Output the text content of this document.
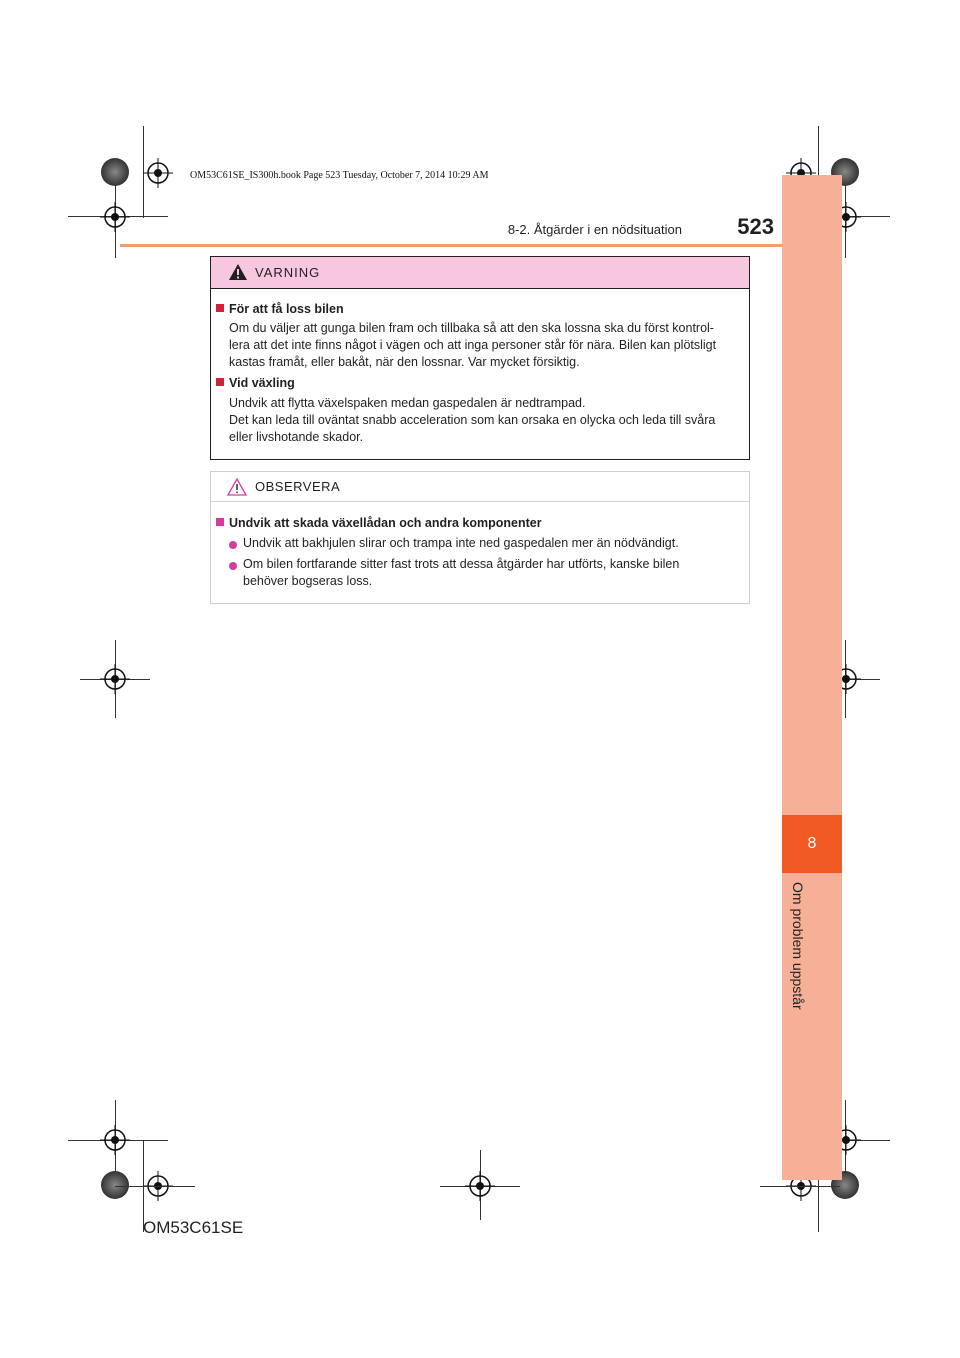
OM53C61SE_IS300h.book Page 523 Tuesday, October 7, 2014 10:29 AM
8
Om problem uppstår
8-2. Åtgärder i en nödsituation	523
VARNING
För att få loss bilen
Om du väljer att gunga bilen fram och tillbaka så att den ska lossna ska du först kontrol-
lera att det inte finns något i vägen och att inga personer står för nära. Bilen kan plötsligt
kastas framåt, eller bakåt, när den lossnar. Var mycket försiktig.
Vid växling
Undvik att flytta växelspaken medan gaspedalen är nedtrampad.
Det kan leda till oväntat snabb acceleration som kan orsaka en olycka och leda till svåra
eller livshotande skador.
OBSERVERA
Undvik att skada växellådan och andra komponenter
Undvik att bakhjulen slirar och trampa inte ned gaspedalen mer än nödvändigt.
Om bilen fortfarande sitter fast trots att dessa åtgärder har utförts, kanske bilen
behöver bogseras loss.
OM53C61SE
